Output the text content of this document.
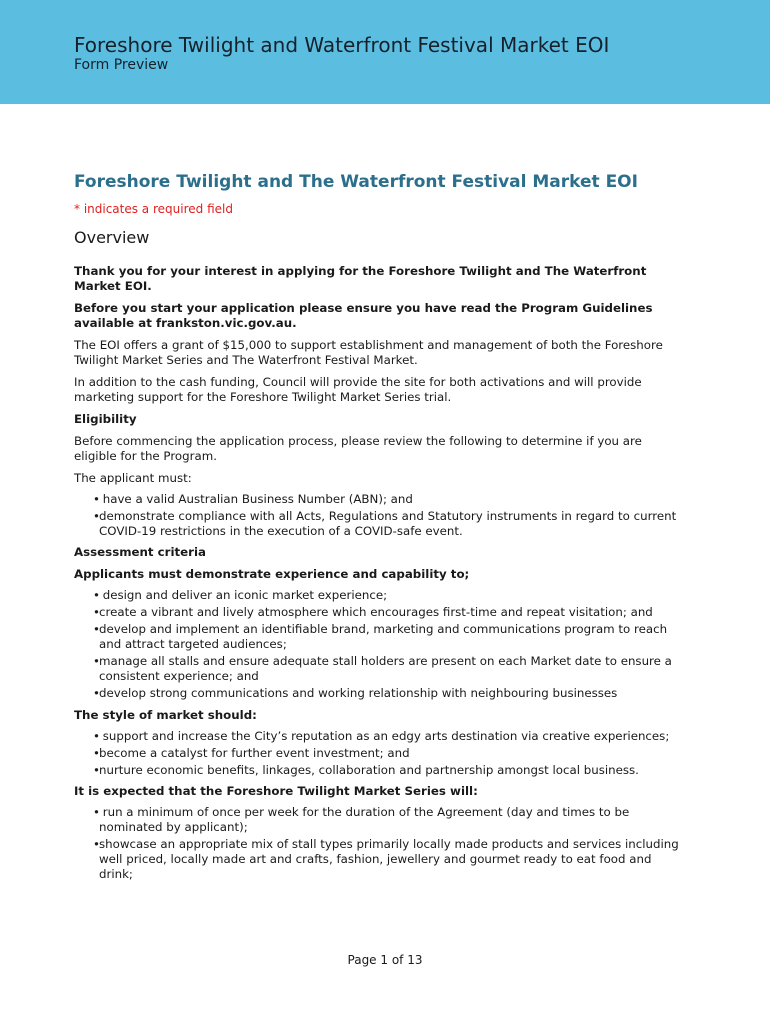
Foreshore Twilight and Waterfront Festival Market EOI
Form Preview
Foreshore Twilight and The Waterfront Festival Market EOI
* indicates a required field
Overview

Thank you for your interest in applying for the Foreshore Twilight and The Waterfront Market EOI.

Before you start your application please ensure you have read the Program Guidelines available at frankston.vic.gov.au.

The EOI offers a grant of $15,000 to support establishment and management of both the Foreshore Twilight Market Series and The Waterfront Festival Market.

In addition to the cash funding, Council will provide the site for both activations and will provide marketing support for the Foreshore Twilight Market Series trial.

Eligibility

Before commencing the application process, please review the following to determine if you are eligible for the Program.

The applicant must:

• have a valid Australian Business Number (ABN); and
• demonstrate compliance with all Acts, Regulations and Statutory instruments in regard to current COVID-19 restrictions in the execution of a COVID-safe event.

Assessment criteria

Applicants must demonstrate experience and capability to;

• design and deliver an iconic market experience;
• create a vibrant and lively atmosphere which encourages first-time and repeat visitation; and
• develop and implement an identifiable brand, marketing and communications program to reach and attract targeted audiences;
• manage all stalls and ensure adequate stall holders are present on each Market date to ensure a consistent experience; and
• develop strong communications and working relationship with neighbouring businesses

The style of market should:

• support and increase the City’s reputation as an edgy arts destination via creative experiences;
• become a catalyst for further event investment; and
• nurture economic benefits, linkages, collaboration and partnership amongst local business.

It is expected that the Foreshore Twilight Market Series will:

• run a minimum of once per week for the duration of the Agreement (day and times to be nominated by applicant);
• showcase an appropriate mix of stall types primarily locally made products and services including well priced, locally made art and crafts, fashion, jewellery and gourmet ready to eat food and drink;
Page 1 of 13
